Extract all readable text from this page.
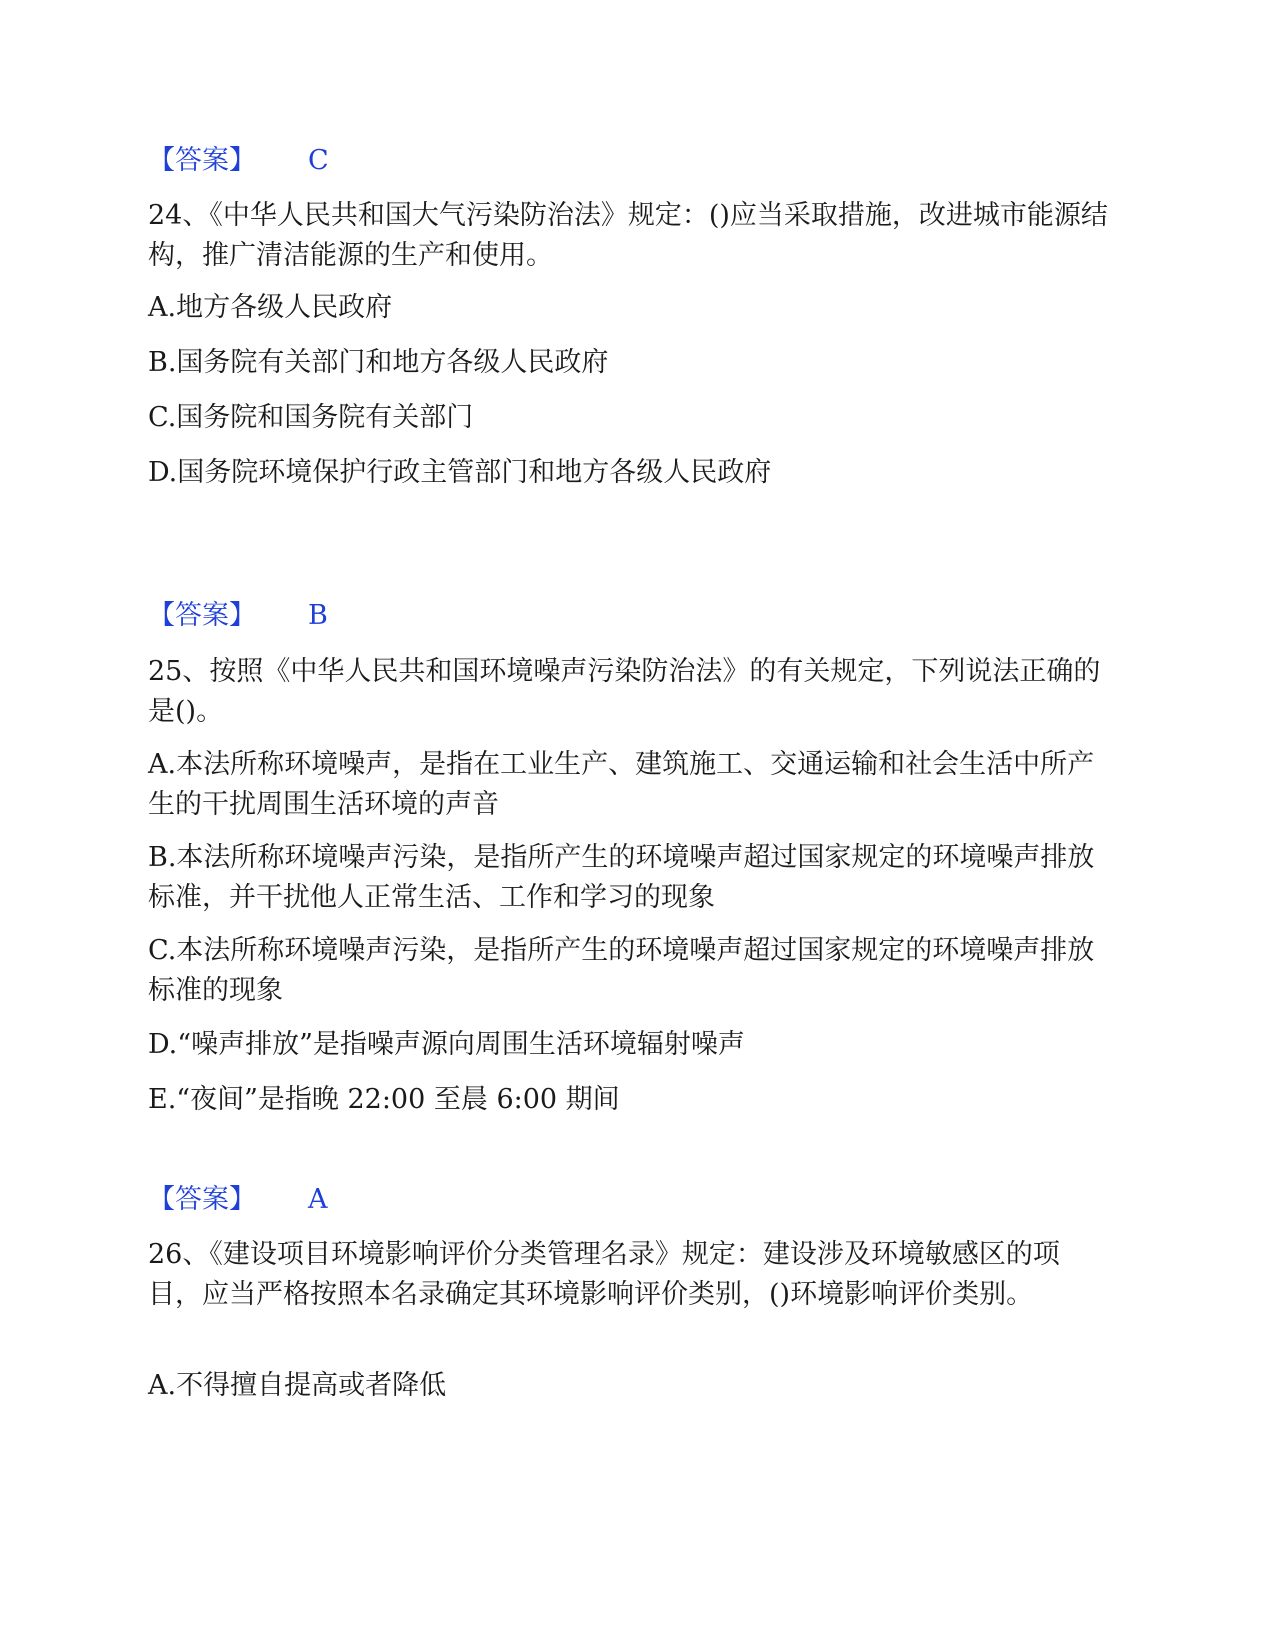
【答案】 C
24、《中华人民共和国大气污染防治法》规定：()应当采取措施，改进城市能源结构，推广清洁能源的生产和使用。
A.地方各级人民政府
B.国务院有关部门和地方各级人民政府
C.国务院和国务院有关部门
D.国务院环境保护行政主管部门和地方各级人民政府
【答案】 B
25、按照《中华人民共和国环境噪声污染防治法》的有关规定，下列说法正确的是()。
A.本法所称环境噪声，是指在工业生产、建筑施工、交通运输和社会生活中所产生的干扰周围生活环境的声音
B.本法所称环境噪声污染，是指所产生的环境噪声超过国家规定的环境噪声排放标准，并干扰他人正常生活、工作和学习的现象
C.本法所称环境噪声污染，是指所产生的环境噪声超过国家规定的环境噪声排放标准的现象
D.“噪声排放”是指噪声源向周围生活环境辐射噪声
E.“夜间”是指晚 22:00 至晨 6:00 期间
【答案】 A
26、《建设项目环境影响评价分类管理名录》规定：建设涉及环境敏感区的项目，应当严格按照本名录确定其环境影响评价类别，()环境影响评价类别。
A.不得擅自提高或者降低
